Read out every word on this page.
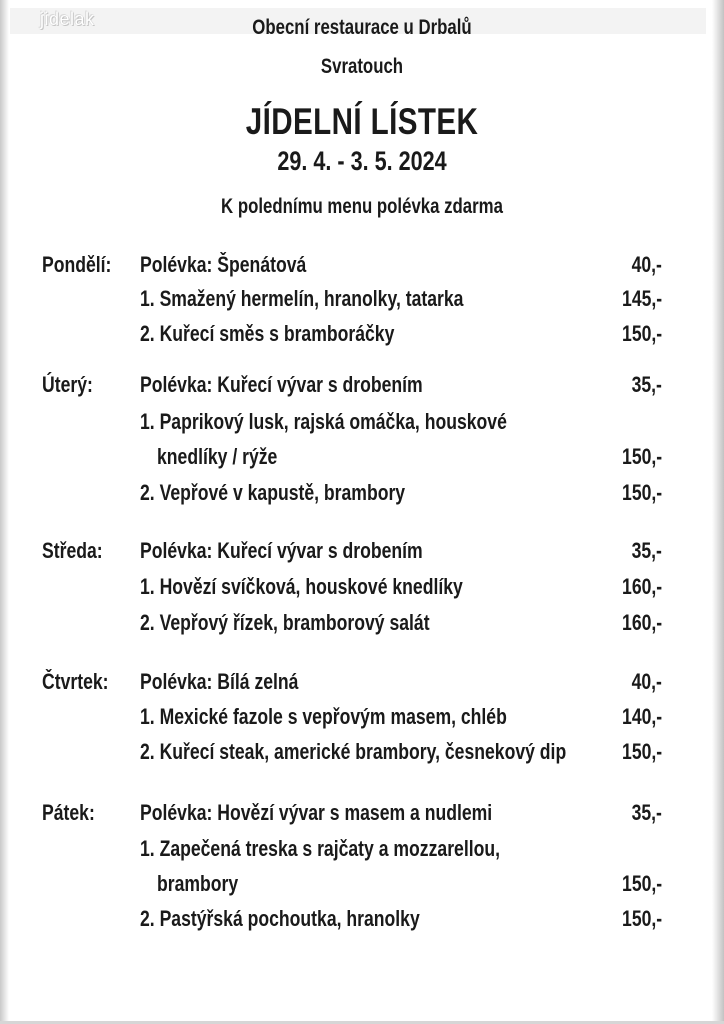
jidelak	Obecní restaurace u Drbalů
Svratouch
JÍDELNÍ LÍSTEK
29. 4. - 3. 5. 2024
K polednímu menu polévka zdarma
Pondělí: Polévka: Špenátová	40,-
1. Smažený hermelín, hranolky, tatarka	145,-
2. Kuřecí směs s bramboráčky	150,-
Úterý: Polévka: Kuřecí vývar s drobením	35,-
1. Paprikový lusk, rajská omáčka, houskové
knedlíky / rýže	150,-
2. Vepřové v kapustě, brambory	150,-
Středa: Polévka: Kuřecí vývar s drobením	35,-
1. Hovězí svíčková, houskové knedlíky	160,-
2. Vepřový řízek, bramborový salát	160,-
Čtvrtek: Polévka: Bílá zelná	40,-
1. Mexické fazole s vepřovým masem, chléb	140,-
2. Kuřecí steak, americké brambory, česnekový dip	150,-
Pátek: Polévka: Hovězí vývar s masem a nudlemi	35,-
1. Zapečená treska s rajčaty a mozzarellou,
brambory	150,-
2. Pastýřská pochoutka, hranolky	150,-
